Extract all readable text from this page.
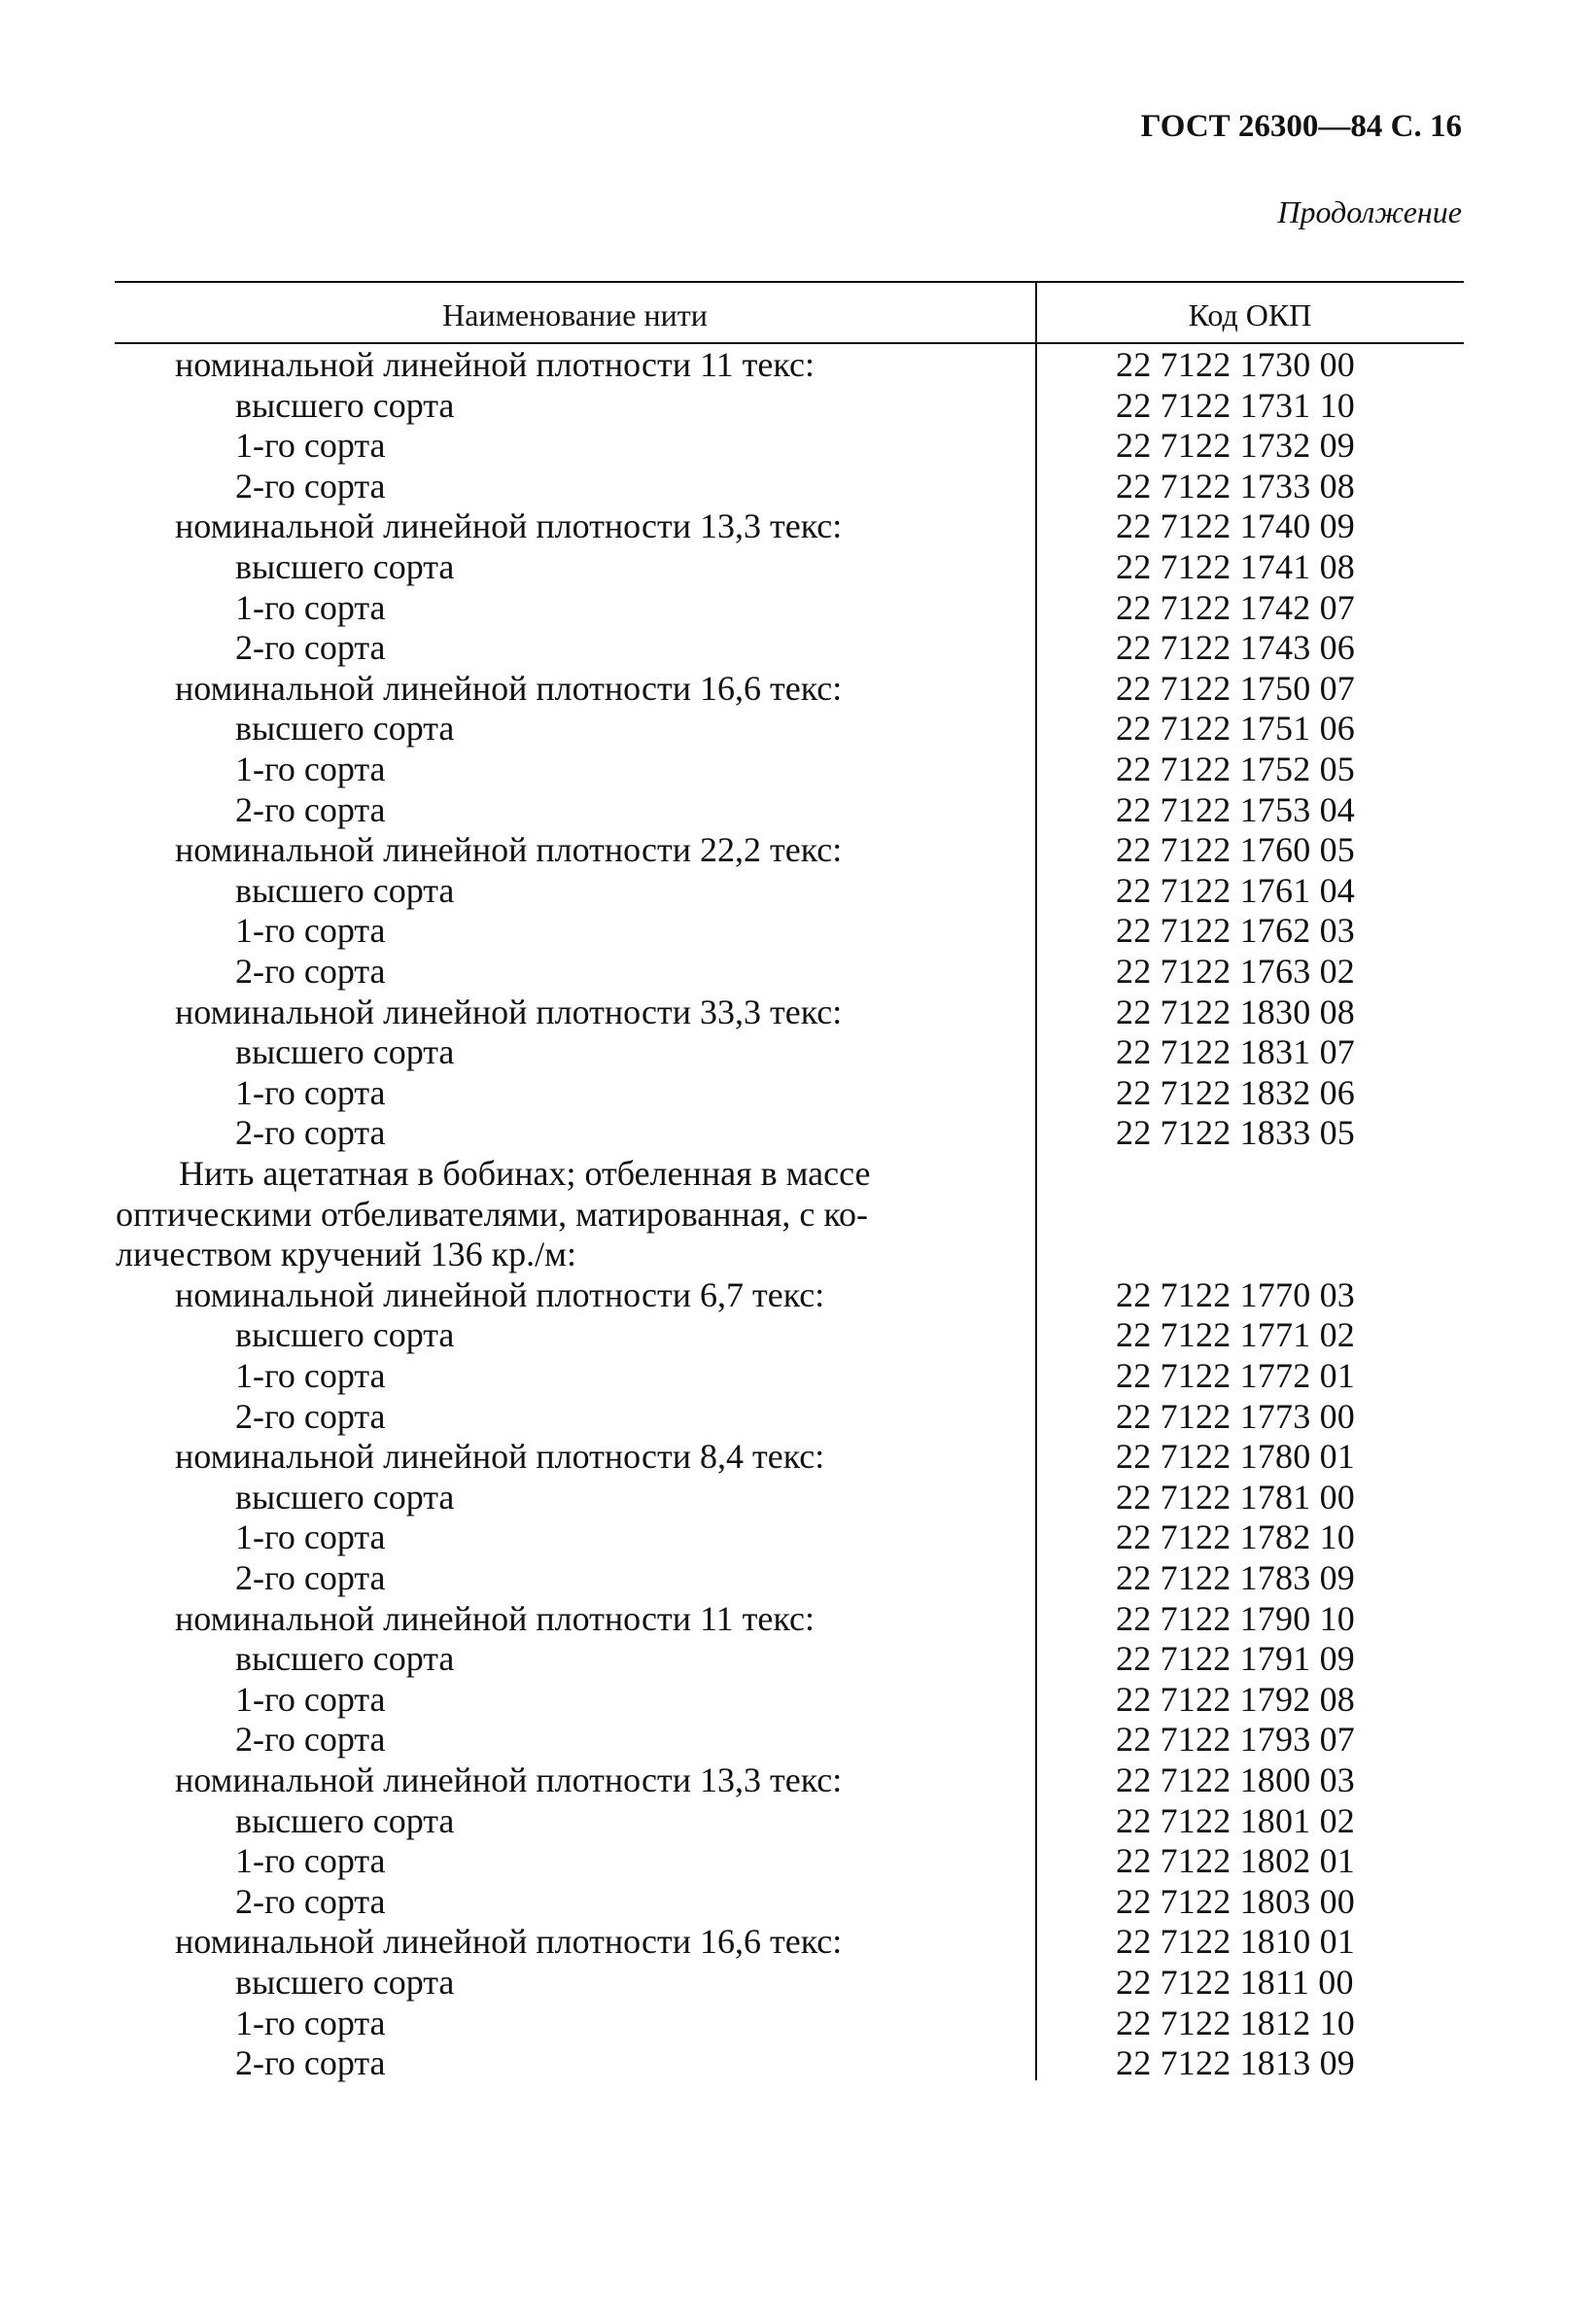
ГОСТ 26300—84 С. 16
Продолжение
Наименование нити	Код ОКП
номинальной линейной плотности 11 текс:	22 7122 1730 00
высшего сорта	22 7122 1731 10
1-го сорта	22 7122 1732 09
2-го сорта	22 7122 1733 08
номинальной линейной плотности 13,3 текс:	22 7122 1740 09
высшего сорта	22 7122 1741 08
1-го сорта	22 7122 1742 07
2-го сорта	22 7122 1743 06
номинальной линейной плотности 16,6 текс:	22 7122 1750 07
высшего сорта	22 7122 1751 06
1-го сорта	22 7122 1752 05
2-го сорта	22 7122 1753 04
номинальной линейной плотности 22,2 текс:	22 7122 1760 05
высшего сорта	22 7122 1761 04
1-го сорта	22 7122 1762 03
2-го сорта	22 7122 1763 02
номинальной линейной плотности 33,3 текс:	22 7122 1830 08
высшего сорта	22 7122 1831 07
1-го сорта	22 7122 1832 06
2-го сорта	22 7122 1833 05
Нить ацетатная в бобинах; отбеленная в массе
оптическими отбеливателями, матированная, с ко-
личеством кручений 136 кр./м:
номинальной линейной плотности 6,7 текс:	22 7122 1770 03
высшего сорта	22 7122 1771 02
1-го сорта	22 7122 1772 01
2-го сорта	22 7122 1773 00
номинальной линейной плотности 8,4 текс:	22 7122 1780 01
высшего сорта	22 7122 1781 00
1-го сорта	22 7122 1782 10
2-го сорта	22 7122 1783 09
номинальной линейной плотности 11 текс:	22 7122 1790 10
высшего сорта	22 7122 1791 09
1-го сорта	22 7122 1792 08
2-го сорта	22 7122 1793 07
номинальной линейной плотности 13,3 текс:	22 7122 1800 03
высшего сорта	22 7122 1801 02
1-го сорта	22 7122 1802 01
2-го сорта	22 7122 1803 00
номинальной линейной плотности 16,6 текс:	22 7122 1810 01
высшего сорта	22 7122 1811 00
1-го сорта	22 7122 1812 10
2-го сорта	22 7122 1813 09
